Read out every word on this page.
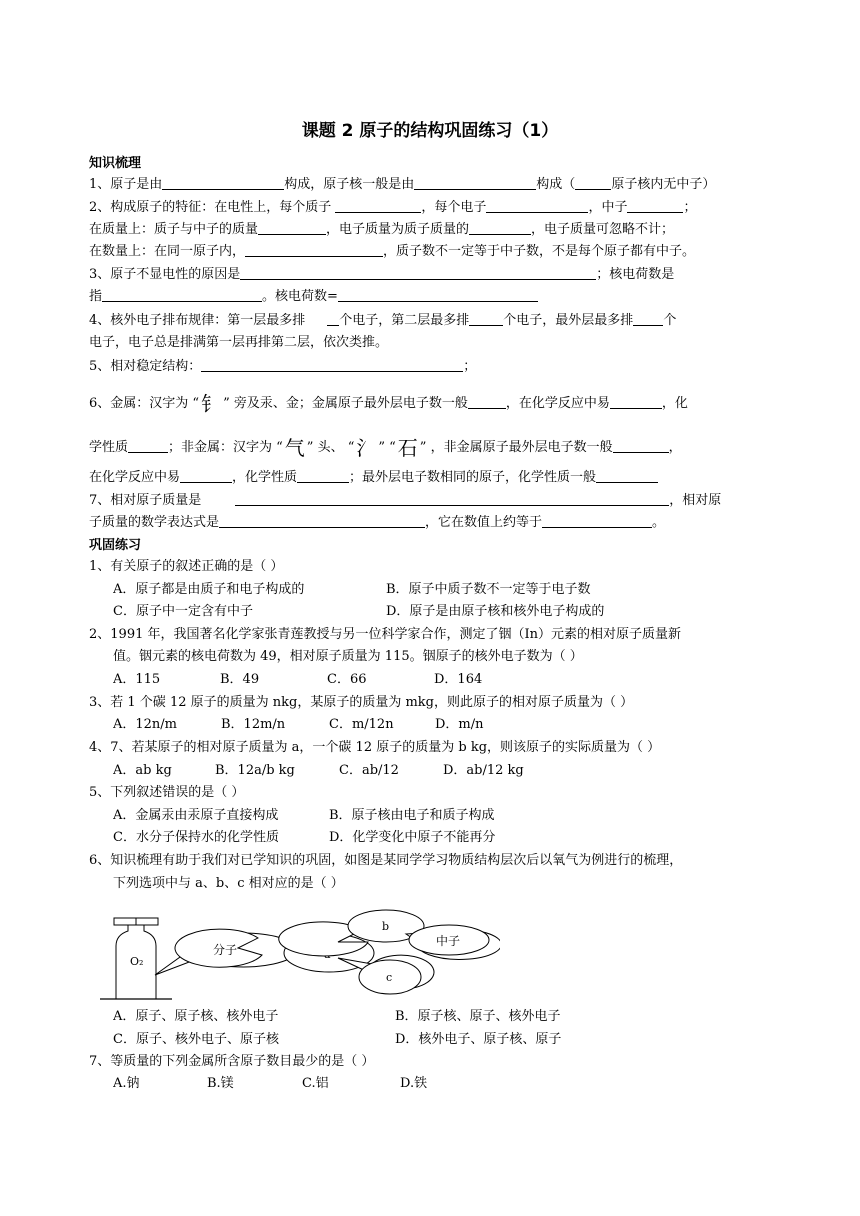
课题 2 原子的结构巩固练习（1）
知识梳理
1、原子是由	构成，原子核一般是由	构成（	原子核内无中子）
2、构成原子的特征：在电性上，每个质子	，每个电子	，中子	；
在质量上：质子与中子的质量	，电子质量为质子质量的	，电子质量可忽略不计；
在数量上：在同一原子内，	，质子数不一定等于中子数，不是每个原子都有中子。
3、原子不显电性的原因是	；核电荷数是
指	。核电荷数=
4、核外电子排布规律：第一层最多排	个电子，第二层最多排	个电子，最外层最多排 个
电子，电子总是排满第一层再排第二层，依次类推。
5、相对稳定结构：	；
6、金属：汉字为 “ 钅 ” 旁及汞、金；金属原子最外层电子数一般	，在化学反应中易	，化
学性质	；非金属：汉字为 “ 气 ” 头、 “ 氵 ” “ 石 ” ，非金属原子最外层电子数一般	，
在化学反应中易	，化学性质	；最外层电子数相同的原子，化学性质一般
7、相对原子质量是	，相对原
子质量的数学表达式是	，它在数值上约等于	。
巩固练习
1、有关原子的叙述正确的是（ ）
A．原子都是由质子和电子构成的	B．原子中质子数不一定等于电子数
C．原子中一定含有中子	D．原子是由原子核和核外电子构成的
2、1991 年，我国著名化学家张青莲教授与另一位科学家合作，测定了铟（In）元素的相对原子质量新
值。铟元素的核电荷数为 49，相对原子质量为 115。铟原子的核外电子数为（ ）
A．115	B．49	C．66	D．164
3、若 1 个碳 12 原子的质量为 nkg，某原子的质量为 mkg，则此原子的相对原子质量为（ ）
A．12n/m	B．12m/n	C．m/12n	D．m/n
4、7、若某原子的相对原子质量为 a，一个碳 12 原子的质量为 b kg，则该原子的实际质量为（ ）
A．ab kg	B．12a/b kg	C．ab/12	D．ab/12 kg
5、下列叙述错误的是（ ）
A．金属汞由汞原子直接构成	B．原子核由电子和质子构成
C．水分子保持水的化学性质	D．化学变化中原子不能再分
6、知识梳理有助于我们对已学知识的巩固，如图是某同学学习物质结构层次后以氧气为例进行的梳理，
下列选项中与 a、b、c 相对应的是（ ）
O₂
分子
b
中子
c
A．原子、原子核、核外电子	B．原子核、原子、核外电子
C．原子、核外电子、原子核	D．核外电子、原子核、原子
7、等质量的下列金属所含原子数目最少的是（ ）
A.钠	B.镁	C.铝	D.铁
